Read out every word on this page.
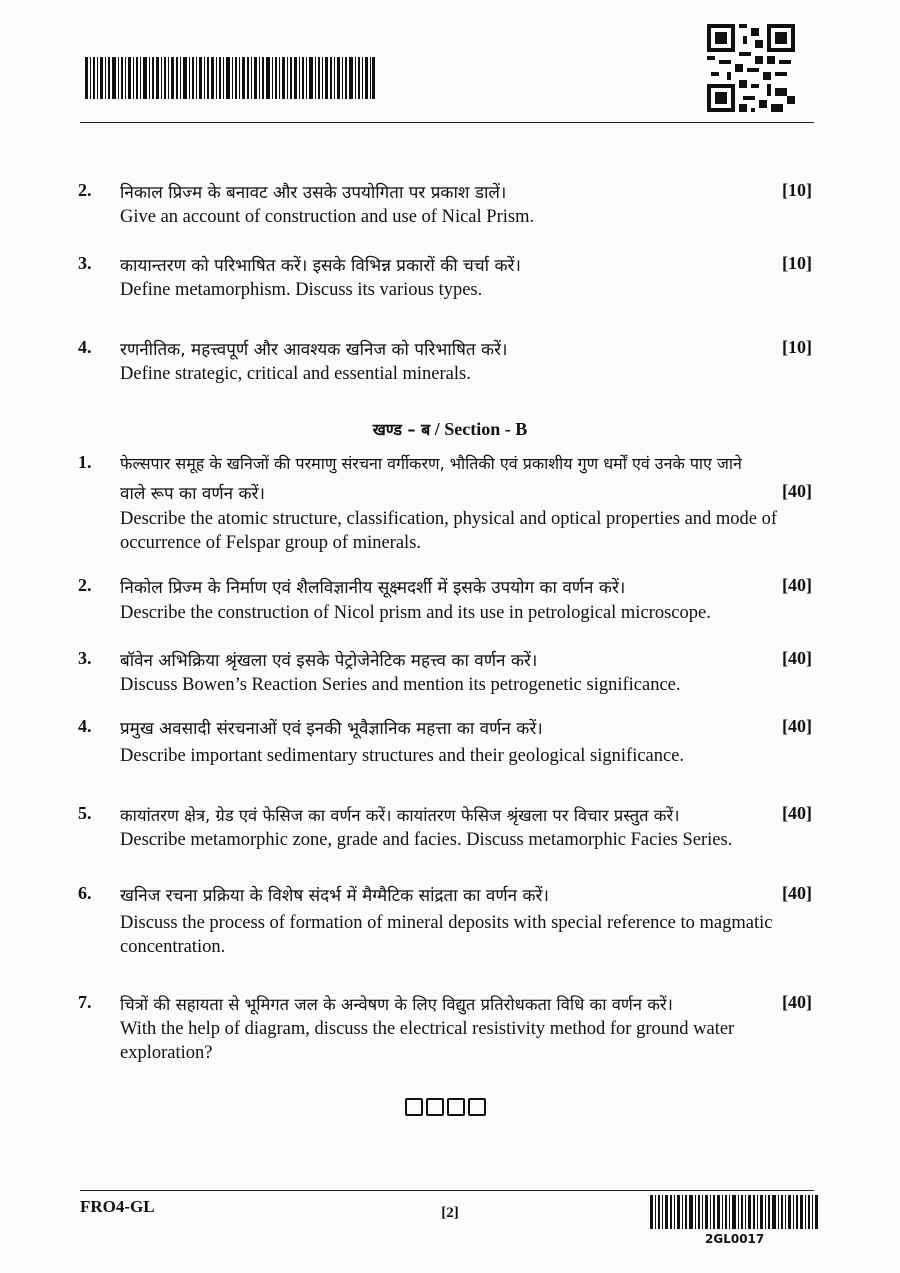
2.	निकाल प्रिज्म के बनावट और उसके उपयोगिता पर प्रकाश डालें।	[10]
Give an account of construction and use of Nical Prism.
3.	कायान्तरण को परिभाषित करें। इसके विभिन्न प्रकारों की चर्चा करें।	[10]
Define metamorphism. Discuss its various types.
4.	रणनीतिक, महत्त्वपूर्ण और आवश्यक खनिज को परिभाषित करें।	[10]
Define strategic, critical and essential minerals.
खण्ड – ब / Section - B
1.	फेल्सपार समूह के खनिजों की परमाणु संरचना वर्गीकरण, भौतिकी एवं प्रकाशीय गुण धर्मों एवं उनके पाए जाने
वाले रूप का वर्णन करें।	[40]
Describe the atomic structure, classification, physical and optical properties and mode of occurrence of Felspar group of minerals.
2.	निकोल प्रिज्म के निर्माण एवं शैलविज्ञानीय सूक्ष्मदर्शी में इसके उपयोग का वर्णन करें।	[40]
Describe the construction of Nicol prism and its use in petrological microscope.
3.	बॉवेन अभिक्रिया श्रृंखला एवं इसके पेट्रोजेनेटिक महत्त्व का वर्णन करें।	[40]
Discuss Bowen’s Reaction Series and mention its petrogenetic significance.
4.	प्रमुख अवसादी संरचनाओं एवं इनकी भूवैज्ञानिक महत्ता का वर्णन करें।	[40]
Describe important sedimentary structures and their geological significance.
5.	कायांतरण क्षेत्र, ग्रेड एवं फेसिज का वर्णन करें। कायांतरण फेसिज श्रृंखला पर विचार प्रस्तुत करें।	[40]
Describe metamorphic zone, grade and facies. Discuss metamorphic Facies Series.
6.	खनिज रचना प्रक्रिया के विशेष संदर्भ में मैग्मैटिक सांद्रता का वर्णन करें।	[40]
Discuss the process of formation of mineral deposits with special reference to magmatic concentration.
7.	चित्रों की सहायता से भूमिगत जल के अन्वेषण के लिए विद्युत प्रतिरोधकता विधि का वर्णन करें।	[40]
With the help of diagram, discuss the electrical resistivity method for ground water exploration?
FRO4-GL	[2]
2GL0017
